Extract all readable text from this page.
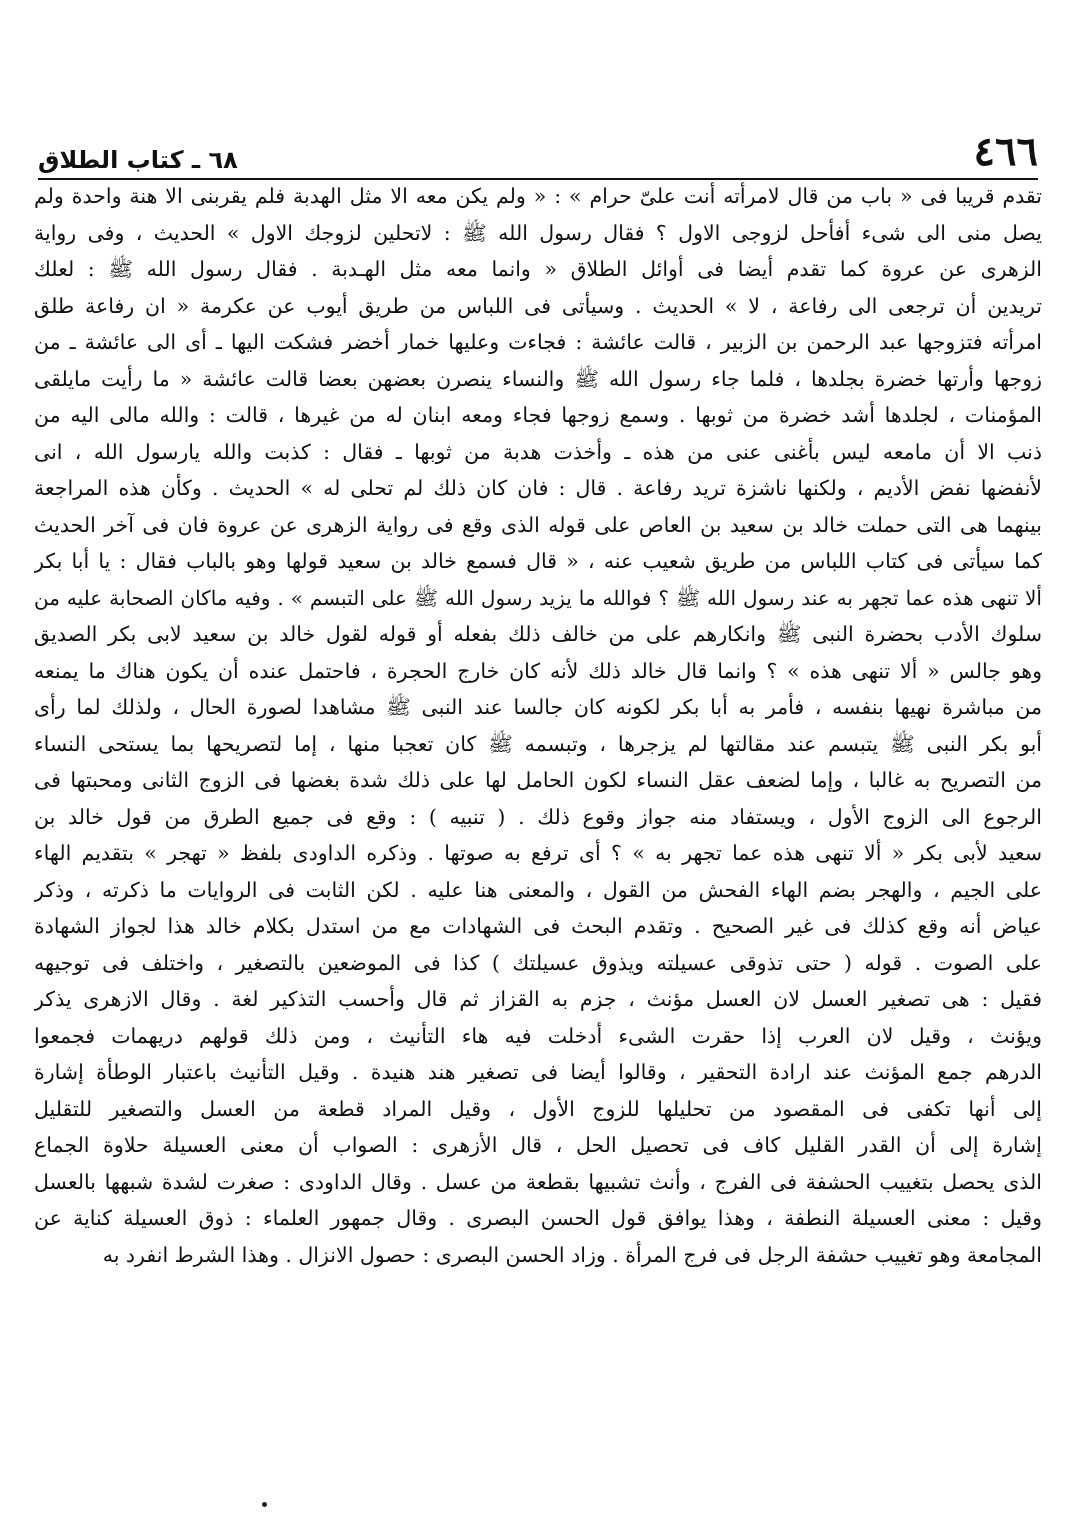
٤٦٦
٦٨ ـ كتاب الطلاق
تقدم قريبا فى « باب من قال لامرأته أنت علىّ حرام » : « ولم يكن معه الا مثل الهدبة فلم يقربنى الا هنة واحدة ولم
يصل منى الى شىء أفأحل لزوجى الاول ؟ فقال رسول الله ﷺ : لاتحلين لزوجك الاول » الحديث ، وفى رواية
الزهرى عن عروة كما تقدم أيضا فى أوائل الطلاق « وانما معه مثل الهـدبة . فقال رسول الله ﷺ : لعلك
تريدين أن ترجعى الى رفاعة ، لا » الحديث . وسيأتى فى اللباس من طريق أيوب عن عكرمة « ان رفاعة طلق
امرأته فتزوجها عبد الرحمن بن الزبير ، قالت عائشة : فجاءت وعليها خمار أخضر فشكت اليها ـ أى الى عائشة ـ من
زوجها وأرتها خضرة بجلدها ، فلما جاء رسول الله ﷺ والنساء ينصرن بعضهن بعضا قالت عائشة « ما رأيت مايلقى
المؤمنات ، لجلدها أشد خضرة من ثوبها . وسمع زوجها فجاء ومعه ابنان له من غيرها ، قالت : والله مالى اليه من
ذنب الا أن مامعه ليس بأغنى عنى من هذه ـ وأخذت هدبة من ثوبها ـ فقال : كذبت والله يارسول الله ، انى
لأنفضها نفض الأديم ، ولكنها ناشزة تريد رفاعة . قال : فان كان ذلك لم تحلى له » الحديث . وكأن هذه المراجعة
بينهما هى التى حملت خالد بن سعيد بن العاص على قوله الذى وقع فى رواية الزهرى عن عروة فان فى آخر الحديث
كما سيأتى فى كتاب اللباس من طريق شعيب عنه ، « قال فسمع خالد بن سعيد قولها وهو بالباب فقال : يا أبا بكر
ألا تنهى هذه عما تجهر به عند رسول الله ﷺ ؟ فوالله ما يزيد رسول الله ﷺ على التبسم » . وفيه ماكان الصحابة عليه من
سلوك الأدب بحضرة النبى ﷺ وانكارهم على من خالف ذلك بفعله أو قوله لقول خالد بن سعيد لابى بكر الصديق
وهو جالس « ألا تنهى هذه » ؟ وانما قال خالد ذلك لأنه كان خارج الحجرة ، فاحتمل عنده أن يكون هناك ما يمنعه
من مباشرة نهيها بنفسه ، فأمر به أبا بكر لكونه كان جالسا عند النبى ﷺ مشاهدا لصورة الحال ، ولذلك لما رأى
أبو بكر النبى ﷺ يتبسم عند مقالتها لم يزجرها ، وتبسمه ﷺ كان تعجبا منها ، إما لتصريحها بما يستحى النساء
من التصريح به غالبا ، وإما لضعف عقل النساء لكون الحامل لها على ذلك شدة بغضها فى الزوج الثانى ومحبتها فى
الرجوع الى الزوج الأول ، ويستفاد منه جواز وقوع ذلك . ( تنبيه ) : وقع فى جميع الطرق من قول خالد بن
سعيد لأبى بكر « ألا تنهى هذه عما تجهر به » ؟ أى ترفع به صوتها . وذكره الداودى بلفظ « تهجر » بتقديم الهاء
على الجيم ، والهجر بضم الهاء الفحش من القول ، والمعنى هنا عليه . لكن الثابت فى الروايات ما ذكرته ، وذكر
عياض أنه وقع كذلك فى غير الصحيح . وتقدم البحث فى الشهادات مع من استدل بكلام خالد هذا لجواز الشهادة
على الصوت . قوله ( حتى تذوقى عسيلته ويذوق عسيلتك ) كذا فى الموضعين بالتصغير ، واختلف فى توجيهه
فقيل : هى تصغير العسل لان العسل مؤنث ، جزم به القزاز ثم قال وأحسب التذكير لغة . وقال الازهرى يذكر
ويؤنث ، وقيل لان العرب إذا حقرت الشىء أدخلت فيه هاء التأنيث ، ومن ذلك قولهم دريهمات فجمعوا
الدرهم جمع المؤنث عند ارادة التحقير ، وقالوا أيضا فى تصغير هند هنيدة . وقيل التأنيث باعتبار الوطأة إشارة
إلى أنها تكفى فى المقصود من تحليلها للزوج الأول ، وقيل المراد قطعة من العسل والتصغير للتقليل
إشارة إلى أن القدر القليل كاف فى تحصيل الحل ، قال الأزهرى : الصواب أن معنى العسيلة حلاوة الجماع
الذى يحصل بتغييب الحشفة فى الفرج ، وأنث تشبيها بقطعة من عسل . وقال الداودى : صغرت لشدة شبهها بالعسل
وقيل : معنى العسيلة النطفة ، وهذا يوافق قول الحسن البصرى . وقال جمهور العلماء : ذوق العسيلة كناية عن
المجامعة وهو تغييب حشفة الرجل فى فرج المرأة . وزاد الحسن البصرى : حصول الانزال . وهذا الشرط انفرد به
